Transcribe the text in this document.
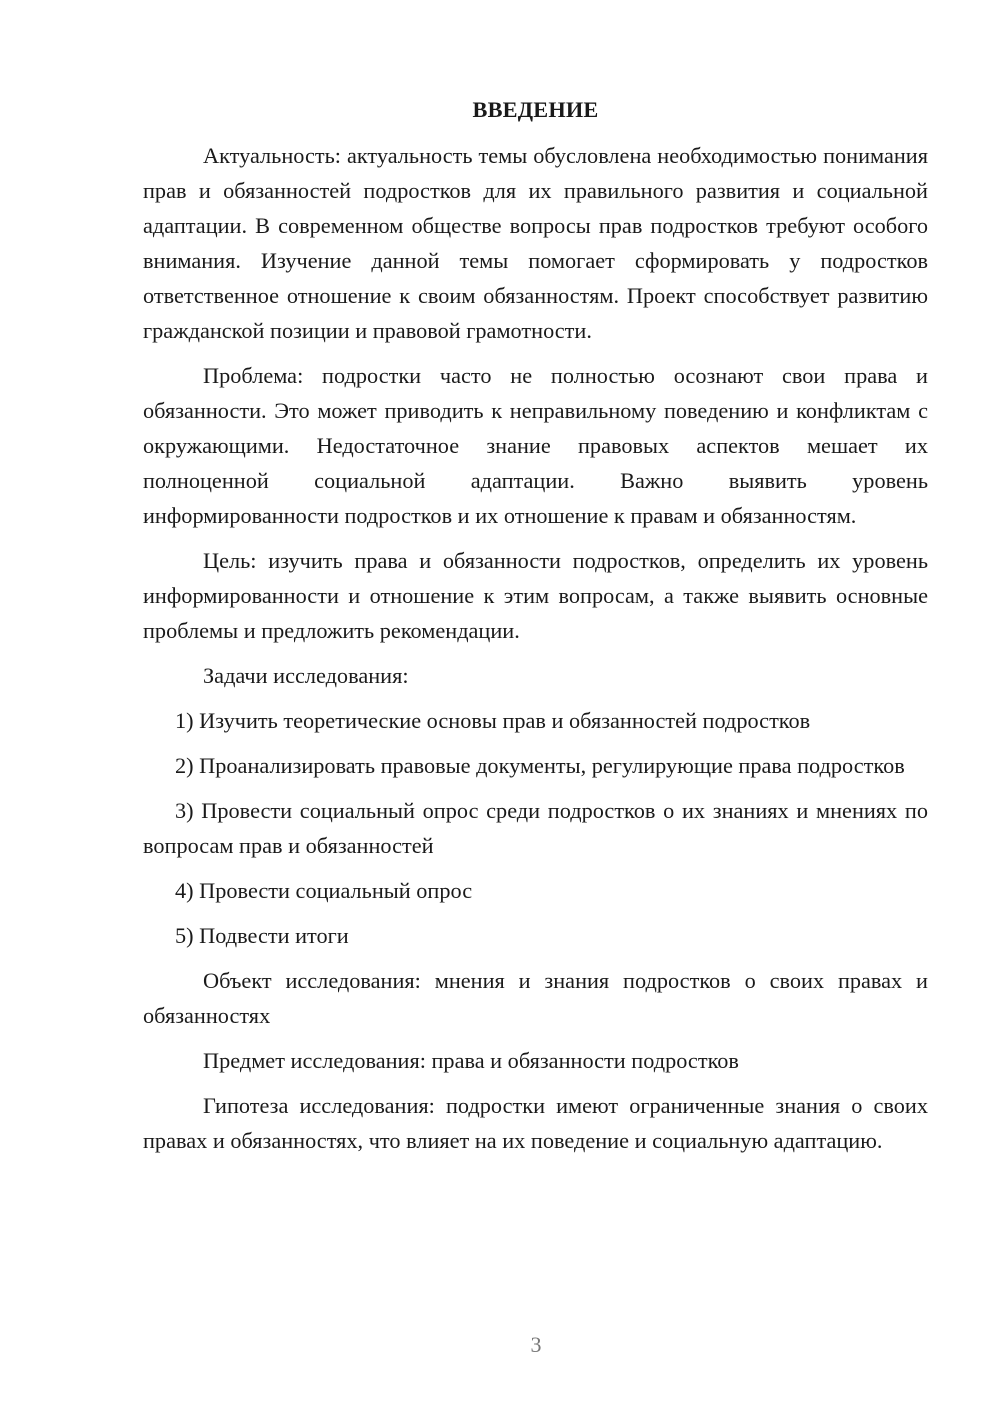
ВВЕДЕНИЕ

Актуальность: актуальность темы обусловлена необходимостью понимания прав и обязанностей подростков для их правильного развития и социальной адаптации. В современном обществе вопросы прав подростков требуют особого внимания. Изучение данной темы помогает сформировать у подростков ответственное отношение к своим обязанностям. Проект способствует развитию гражданской позиции и правовой грамотности.

Проблема: подростки часто не полностью осознают свои права и обязанности. Это может приводить к неправильному поведению и конфликтам с окружающими. Недостаточное знание правовых аспектов мешает их полноценной социальной адаптации. Важно выявить уровень информированности подростков и их отношение к правам и обязанностям.

Цель: изучить права и обязанности подростков, определить их уровень информированности и отношение к этим вопросам, а также выявить основные проблемы и предложить рекомендации.

Задачи исследования:

1) Изучить теоретические основы прав и обязанностей подростков

2) Проанализировать правовые документы, регулирующие права подростков

3) Провести социальный опрос среди подростков о их знаниях и мнениях по вопросам прав и обязанностей

4) Провести социальный опрос

5) Подвести итоги

Объект исследования: мнения и знания подростков о своих правах и обязанностях

Предмет исследования: права и обязанности подростков

Гипотеза исследования: подростки имеют ограниченные знания о своих правах и обязанностях, что влияет на их поведение и социальную адаптацию.

3
